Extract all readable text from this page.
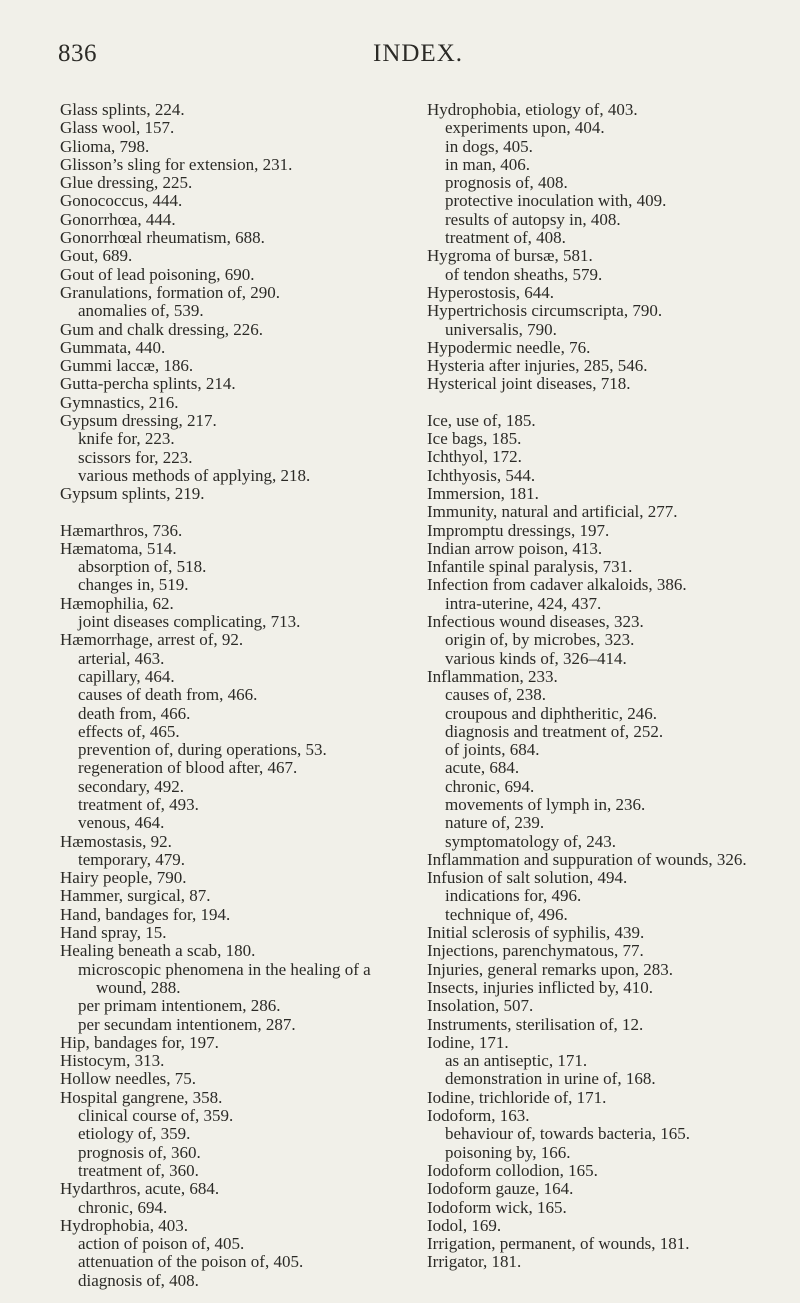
836	INDEX.
Glass splints, 224.
Glass wool, 157.
Glioma, 798.
Glisson’s sling for extension, 231.
Glue dressing, 225.
Gonococcus, 444.
Gonorrhœa, 444.
Gonorrhœal rheumatism, 688.
Gout, 689.
Gout of lead poisoning, 690.
Granulations, formation of, 290.
anomalies of, 539.
Gum and chalk dressing, 226.
Gummata, 440.
Gummi laccæ, 186.
Gutta-percha splints, 214.
Gymnastics, 216.
Gypsum dressing, 217.
knife for, 223.
scissors for, 223.
various methods of applying, 218.
Gypsum splints, 219.
Hæmarthros, 736.
Hæmatoma, 514.
absorption of, 518.
changes in, 519.
Hæmophilia, 62.
joint diseases complicating, 713.
Hæmorrhage, arrest of, 92.
arterial, 463.
capillary, 464.
causes of death from, 466.
death from, 466.
effects of, 465.
prevention of, during operations, 53.
regeneration of blood after, 467.
secondary, 492.
treatment of, 493.
venous, 464.
Hæmostasis, 92.
temporary, 479.
Hairy people, 790.
Hammer, surgical, 87.
Hand, bandages for, 194.
Hand spray, 15.
Healing beneath a scab, 180.
microscopic phenomena in the healing of a wound, 288.
per primam intentionem, 286.
per secundam intentionem, 287.
Hip, bandages for, 197.
Histocym, 313.
Hollow needles, 75.
Hospital gangrene, 358.
clinical course of, 359.
etiology of, 359.
prognosis of, 360.
treatment of, 360.
Hydarthros, acute, 684.
chronic, 694.
Hydrophobia, 403.
action of poison of, 405.
attenuation of the poison of, 405.
diagnosis of, 408.
Hydrophobia, etiology of, 403.
experiments upon, 404.
in dogs, 405.
in man, 406.
prognosis of, 408.
protective inoculation with, 409.
results of autopsy in, 408.
treatment of, 408.
Hygroma of bursæ, 581.
of tendon sheaths, 579.
Hyperostosis, 644.
Hypertrichosis circumscripta, 790.
universalis, 790.
Hypodermic needle, 76.
Hysteria after injuries, 285, 546.
Hysterical joint diseases, 718.
Ice, use of, 185.
Ice bags, 185.
Ichthyol, 172.
Ichthyosis, 544.
Immersion, 181.
Immunity, natural and artificial, 277.
Impromptu dressings, 197.
Indian arrow poison, 413.
Infantile spinal paralysis, 731.
Infection from cadaver alkaloids, 386.
intra-uterine, 424, 437.
Infectious wound diseases, 323.
origin of, by microbes, 323.
various kinds of, 326–414.
Inflammation, 233.
causes of, 238.
croupous and diphtheritic, 246.
diagnosis and treatment of, 252.
of joints, 684.
acute, 684.
chronic, 694.
movements of lymph in, 236.
nature of, 239.
symptomatology of, 243.
Inflammation and suppuration of wounds, 326.
Infusion of salt solution, 494.
indications for, 496.
technique of, 496.
Initial sclerosis of syphilis, 439.
Injections, parenchymatous, 77.
Injuries, general remarks upon, 283.
Insects, injuries inflicted by, 410.
Insolation, 507.
Instruments, sterilisation of, 12.
Iodine, 171.
as an antiseptic, 171.
demonstration in urine of, 168.
Iodine, trichloride of, 171.
Iodoform, 163.
behaviour of, towards bacteria, 165.
poisoning by, 166.
Iodoform collodion, 165.
Iodoform gauze, 164.
Iodoform wick, 165.
Iodol, 169.
Irrigation, permanent, of wounds, 181.
Irrigator, 181.
